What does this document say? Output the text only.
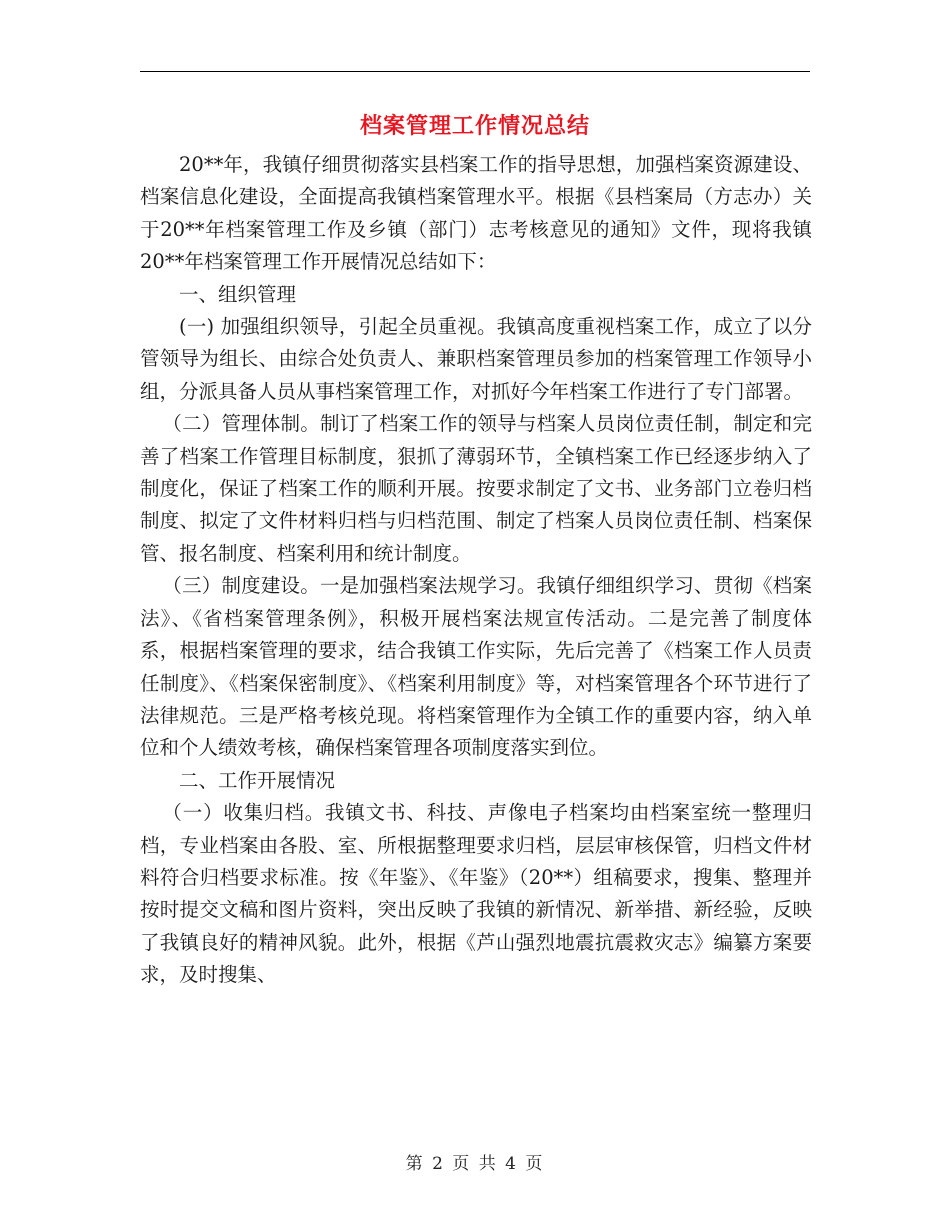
档案管理工作情况总结

20**年，我镇仔细贯彻落实县档案工作的指导思想，加强档案资源建设、档案信息化建设，全面提高我镇档案管理水平。根据《县档案局（方志办）关于20**年档案管理工作及乡镇（部门）志考核意见的通知》文件，现将我镇20**年档案管理工作开展情况总结如下：

一、组织管理

(一) 加强组织领导，引起全员重视。我镇高度重视档案工作，成立了以分管领导为组长、由综合处负责人、兼职档案管理员参加的档案管理工作领导小组，分派具备人员从事档案管理工作，对抓好今年档案工作进行了专门部署。

（二）管理体制。制订了档案工作的领导与档案人员岗位责任制，制定和完善了档案工作管理目标制度，狠抓了薄弱环节，全镇档案工作已经逐步纳入了制度化，保证了档案工作的顺利开展。按要求制定了文书、业务部门立卷归档制度、拟定了文件材料归档与归档范围、制定了档案人员岗位责任制、档案保管、报名制度、档案利用和统计制度。

（三）制度建设。一是加强档案法规学习。我镇仔细组织学习、贯彻《档案法》、《省档案管理条例》，积极开展档案法规宣传活动。二是完善了制度体系，根据档案管理的要求，结合我镇工作实际，先后完善了《档案工作人员责任制度》、《档案保密制度》、《档案利用制度》等，对档案管理各个环节进行了法律规范。三是严格考核兑现。将档案管理作为全镇工作的重要内容，纳入单位和个人绩效考核，确保档案管理各项制度落实到位。

二、工作开展情况

（一）收集归档。我镇文书、科技、声像电子档案均由档案室统一整理归档，专业档案由各股、室、所根据整理要求归档，层层审核保管，归档文件材料符合归档要求标准。按《年鉴》、《年鉴》（20**）组稿要求，搜集、整理并按时提交文稿和图片资料，突出反映了我镇的新情况、新举措、新经验，反映了我镇良好的精神风貌。此外，根据《芦山强烈地震抗震救灾志》编纂方案要求，及时搜集、

第 2 页 共 4 页
